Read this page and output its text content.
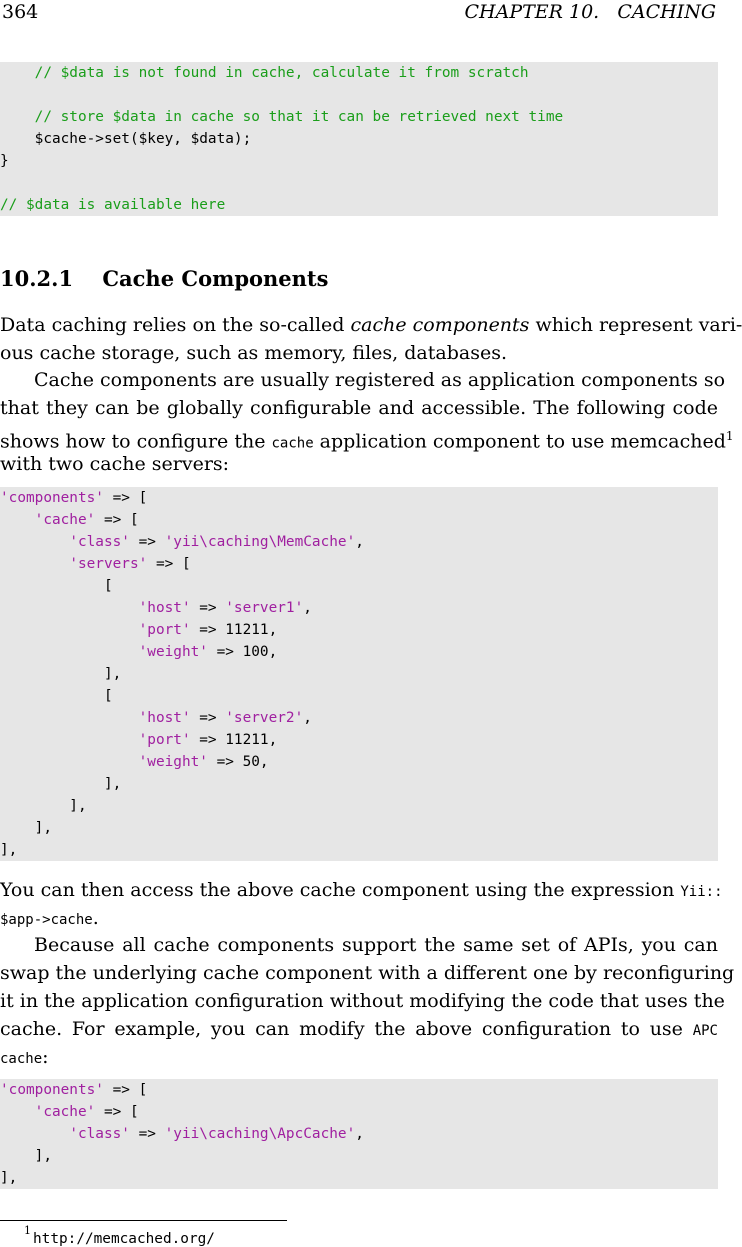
364	CHAPTER 10.   CACHING
// $data is not found in cache, calculate it from scratch
// store $data in cache so that it can be retrieved next time
$cache->set($key, $data);
}
// $data is available here
10.2.1 Cache Components
Data caching relies on the so-called cache components which represent vari-
ous cache storage, such as memory, files, databases.
Cache components are usually registered as application components so
that they can be globally configurable and accessible. The following code
shows how to configure the cache application component to use memcached$^1$
with two cache servers:
'components' => [
'cache' => [
'class' => 'yii\caching\MemCache',
'servers' => [
[
'host' => 'server1',
'port' => 11211,
'weight' => 100,
],
[
'host' => 'server2',
'port' => 11211,
'weight' => 50,
],
],
],
],
You can then access the above cache component using the expression Yii::
$app->cache.
Because all cache components support the same set of APIs, you can
swap the underlying cache component with a different one by reconfiguring
it in the application configuration without modifying the code that uses the
cache. For example, you can modify the above configuration to use APC
cache:
'components' => [
'cache' => [
'class' => 'yii\caching\ApcCache',
],
],
$^1$http://memcached.org/
